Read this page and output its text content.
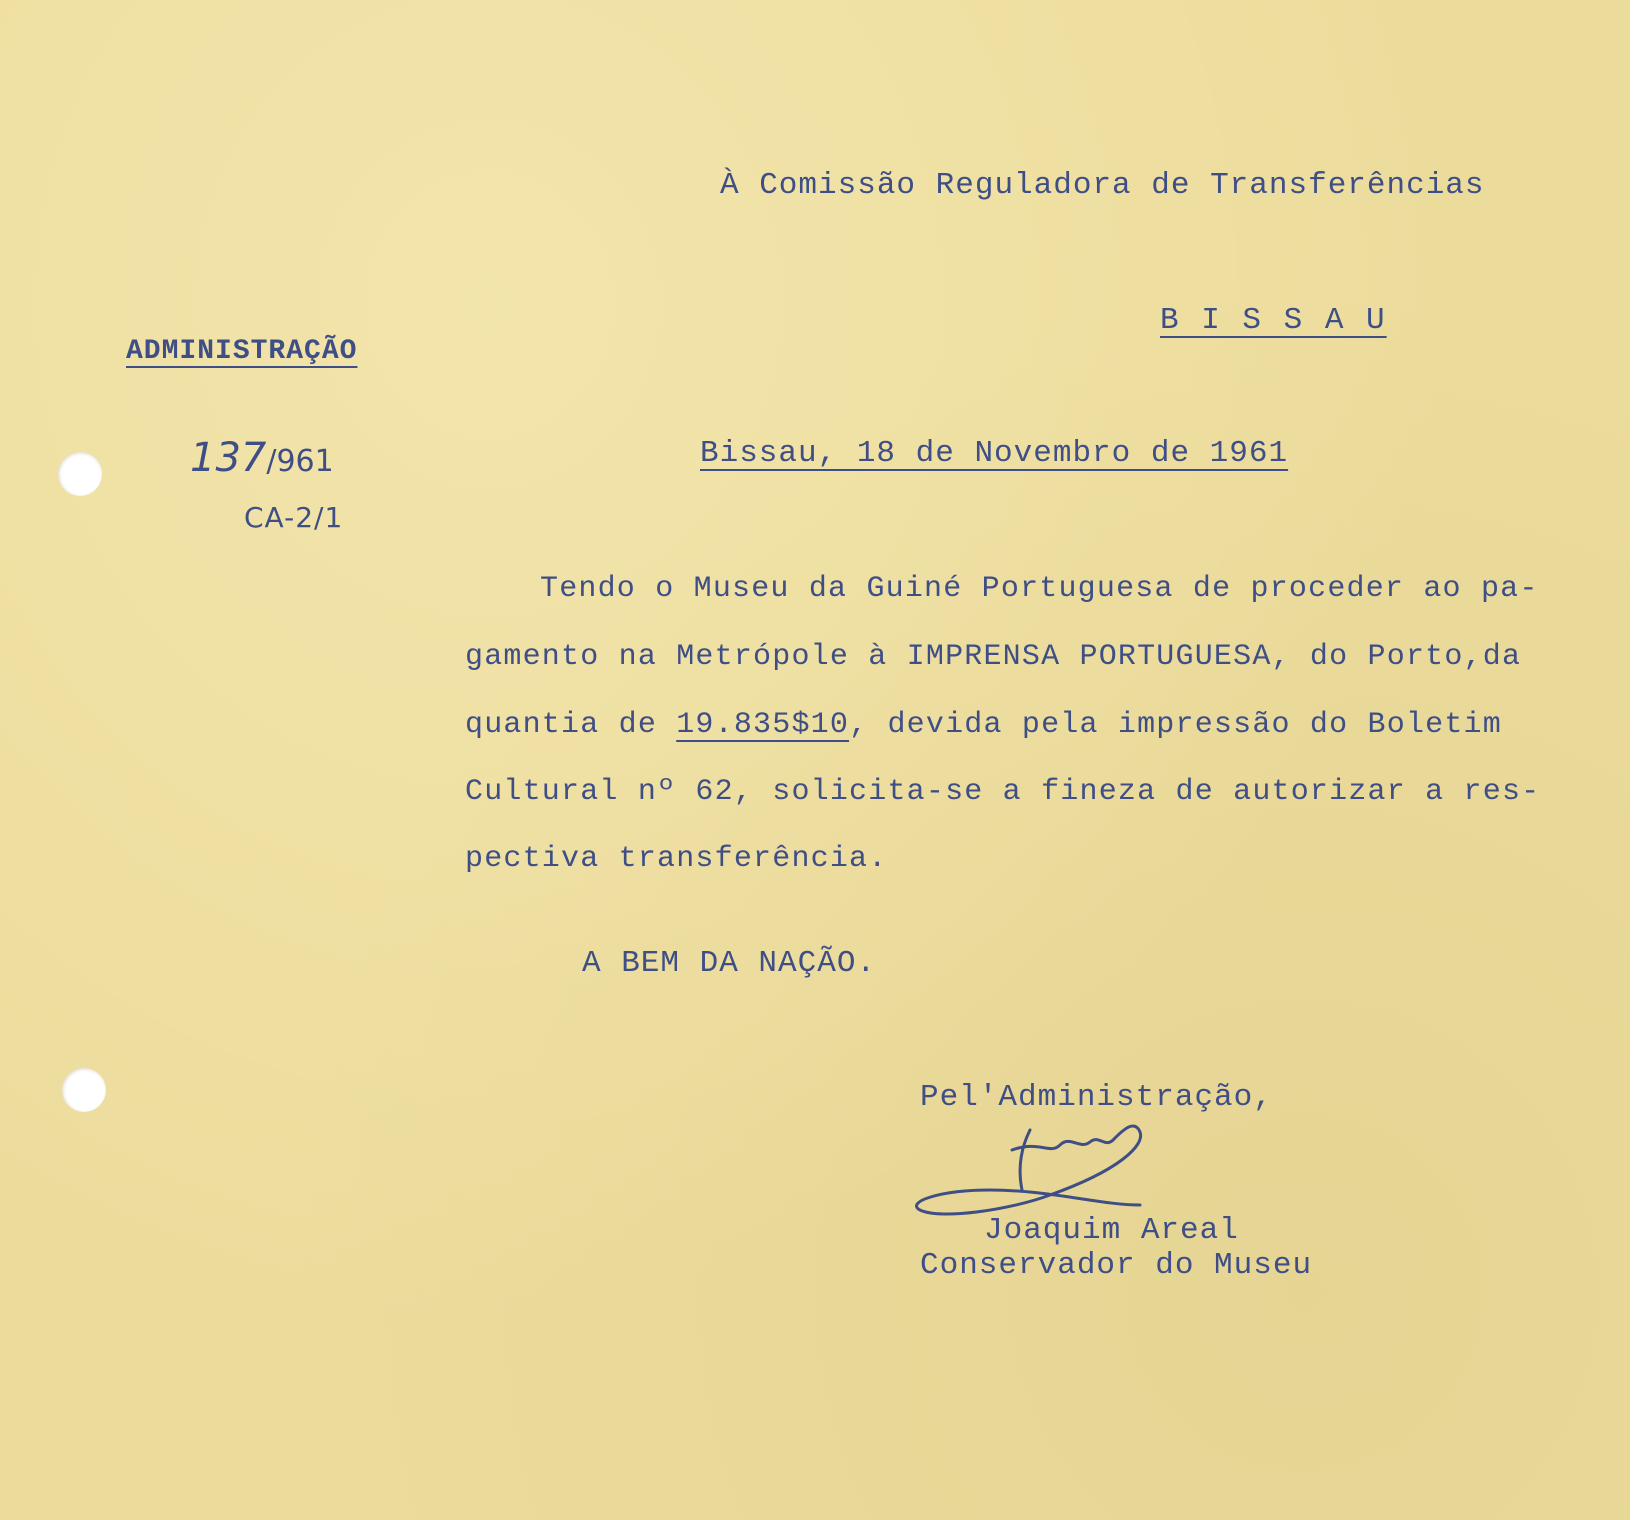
À Comissão Reguladora de Transferências

B I S S A U

ADMINISTRAÇÃO

137/961

CA-2/1

Bissau, 18 de Novembro de 1961

Tendo o Museu da Guiné Portuguesa de proceder ao pa-

gamento na Metrópole à IMPRENSA PORTUGUESA, do Porto,da

quantia de 19.835$10, devida pela impressão do Boletim

Cultural nº 62, solicita-se a fineza de autorizar a res-

pectiva transferência.

A BEM DA NAÇÃO.

Pel'Administração,

Joaquim Areal

Conservador do Museu
